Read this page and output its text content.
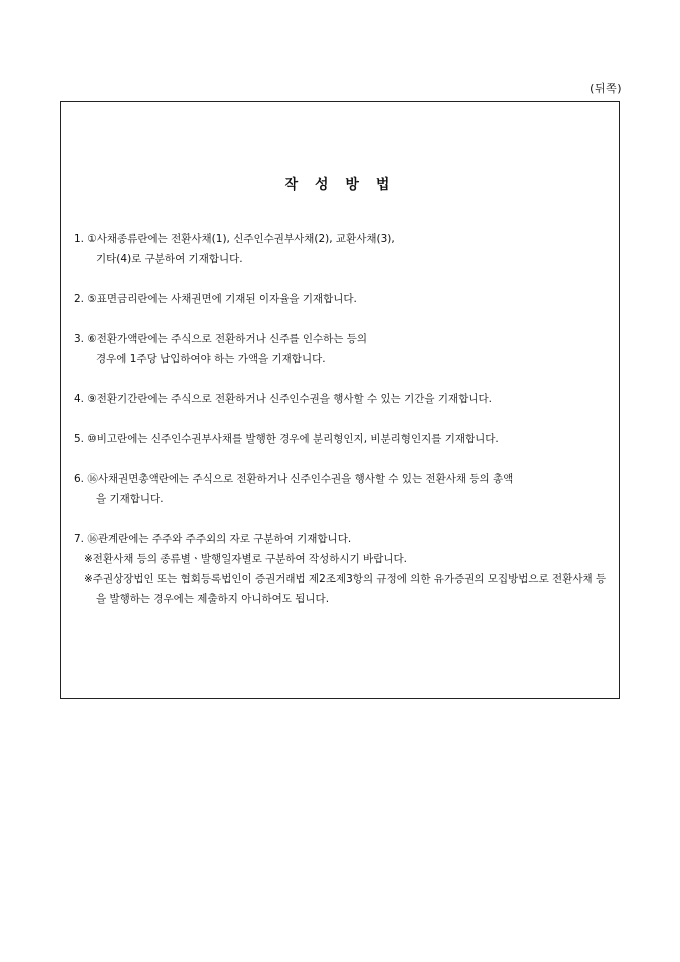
(뒤쪽)
작 성 방 법

1. ①사채종류란에는 전환사채(1), 신주인수권부사채(2), 교환사채(3),
기타(4)로 구분하여 기재합니다.

2. ⑤표면금리란에는 사채권면에 기재된 이자율을 기재합니다.

3. ⑥전환가액란에는 주식으로 전환하거나 신주를 인수하는 등의
경우에 1주당 납입하여야 하는 가액을 기재합니다.

4. ⑨전환기간란에는 주식으로 전환하거나 신주인수권을 행사할 수 있는 기간을 기재합니다.

5. ⑩비고란에는 신주인수권부사채를 발행한 경우에 분리형인지, 비분리형인지를 기재합니다.

6. ⑯사채권면총액란에는 주식으로 전환하거나 신주인수권을 행사할 수 있는 전환사채 등의 총액
을 기재합니다.

7. ⑯관계란에는 주주와 주주외의 자로 구분하여 기재합니다.

※전환사채 등의 종류별ㆍ발행일자별로 구분하여 작성하시기 바랍니다.

※주권상장법인 또는 협회등록법인이 증권거래법 제2조제3항의 규정에 의한 유가증권의 모집방법으로 전환사채 등을 발행하는 경우에는 제출하지 아니하여도 됩니다.
